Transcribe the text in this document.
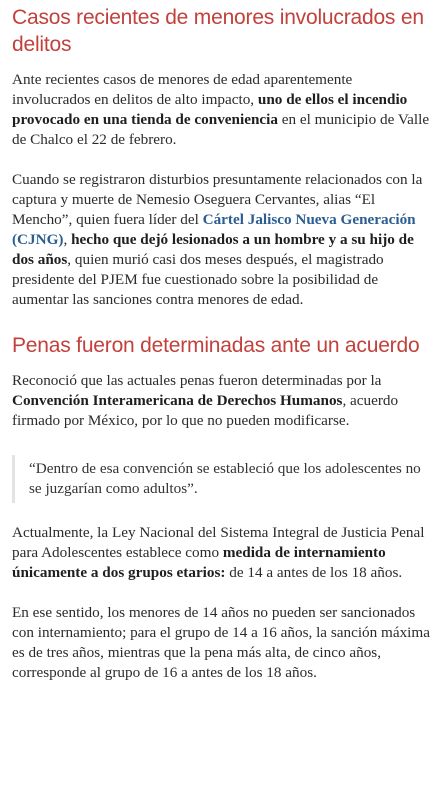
Casos recientes de menores involucrados en delitos

Ante recientes casos de menores de edad aparentemente involucrados en delitos de alto impacto, uno de ellos el incendio provocado en una tienda de conveniencia en el municipio de Valle de Chalco el 22 de febrero.

Cuando se registraron disturbios presuntamente relacionados con la captura y muerte de Nemesio Oseguera Cervantes, alias “El Mencho”, quien fuera líder del Cártel Jalisco Nueva Generación (CJNG), hecho que dejó lesionados a un hombre y a su hijo de dos años, quien murió casi dos meses después, el magistrado presidente del PJEM fue cuestionado sobre la posibilidad de aumentar las sanciones contra menores de edad.

Penas fueron determinadas ante un acuerdo

Reconoció que las actuales penas fueron determinadas por la Convención Interamericana de Derechos Humanos, acuerdo firmado por México, por lo que no pueden modificarse.

“Dentro de esa convención se estableció que los adolescentes no se juzgarían como adultos”.

Actualmente, la Ley Nacional del Sistema Integral de Justicia Penal para Adolescentes establece como medida de internamiento únicamente a dos grupos etarios: de 14 a antes de los 18 años.

En ese sentido, los menores de 14 años no pueden ser sancionados con internamiento; para el grupo de 14 a 16 años, la sanción máxima es de tres años, mientras que la pena más alta, de cinco años, corresponde al grupo de 16 a antes de los 18 años.
